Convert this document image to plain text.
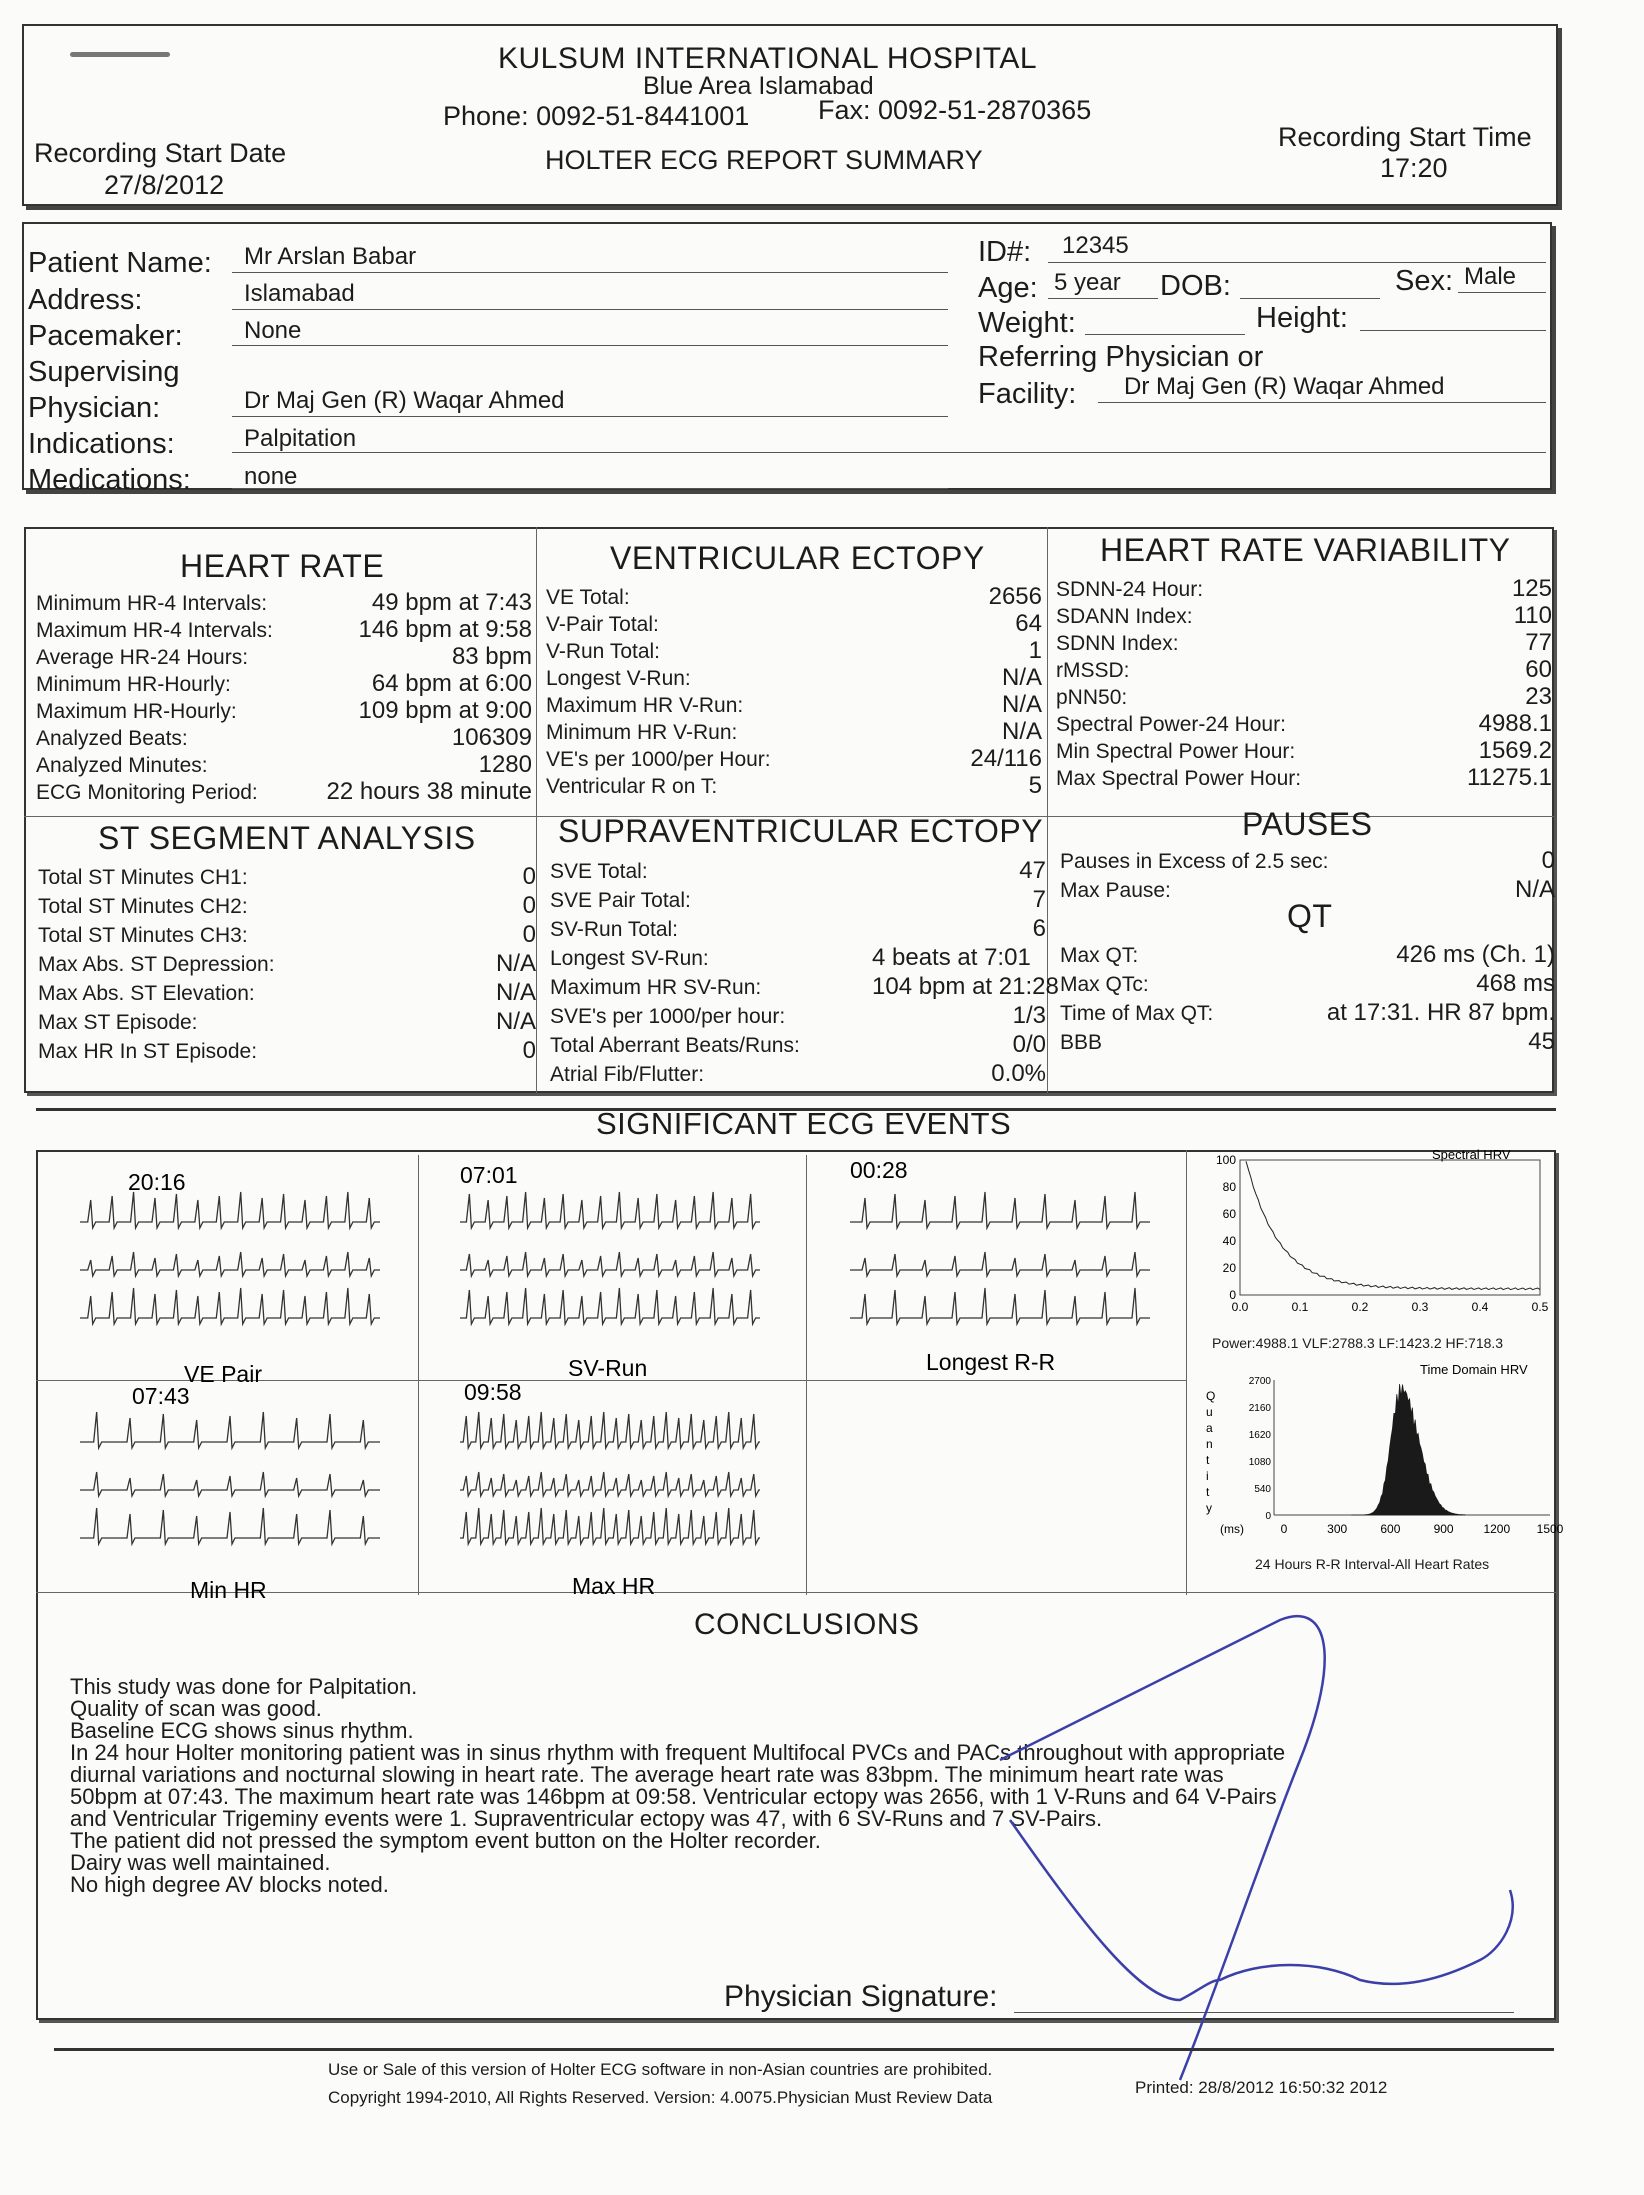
KULSUM INTERNATIONAL HOSPITAL
Blue Area Islamabad
Phone: 0092-51-8441001	Fax: 0092-51-2870365
HOLTER ECG REPORT SUMMARY
Recording Start Date
27/8/2012
Recording Start Time
17:20
Patient Name: Mr Arslan Babar
Address:	Islamabad
Pacemaker:	None
Supervising
Physician:	Dr Maj Gen (R) Waqar Ahmed
Indications:	Palpitation
Medications: none
ID#: 12345
Age: 5 year DOB:	Sex: Male
Weight:	Height:
Referring Physician or
Facility: Dr Maj Gen (R) Waqar Ahmed
HEART RATE	VENTRICULAR ECTOPY	HEART RATE VARIABILITY
ST SEGMENT ANALYSIS	SUPRAVENTRICULAR ECTOPY	PAUSES
QT
Minimum HR-4 Intervals:	49 bpm at 7:43
Maximum HR-4 Intervals:	146 bpm at 9:58
Average HR-24 Hours:	83 bpm
Minimum HR-Hourly:	64 bpm at 6:00
Maximum HR-Hourly:	109 bpm at 9:00
Analyzed Beats:	106309
Analyzed Minutes:	1280
ECG Monitoring Period:	22 hours 38 minute
VE Total:	2656
V-Pair Total:	64
V-Run Total:	1
Longest V-Run:	N/A
Maximum HR V-Run:	N/A
Minimum HR V-Run:	N/A
VE's per 1000/per Hour:	24/116
Ventricular R on T:	5
SDNN-24 Hour:	125
SDANN Index:	110
SDNN Index:	77
rMSSD:	60
pNN50:	23
Spectral Power-24 Hour:	4988.1
Min Spectral Power Hour:	1569.2
Max Spectral Power Hour:	11275.1
Total ST Minutes CH1:	0
Total ST Minutes CH2:	0
Total ST Minutes CH3:	0
Max Abs. ST Depression:	N/A
Max Abs. ST Elevation:	N/A
Max ST Episode:	N/A
Max HR In ST Episode:	0
SVE Total:	47
SVE Pair Total:	7
SV-Run Total:	6
Longest SV-Run:	4 beats at 7:01
Maximum HR SV-Run:	104 bpm at 21:28
SVE's per 1000/per hour:	1/3
Total Aberrant Beats/Runs:	0/0
Atrial Fib/Flutter:	0.0%
Pauses in Excess of 2.5 sec:	0
Max Pause:	N/A
Max QT:	426 ms (Ch. 1)
Max QTc:	468 ms
Time of Max QT:	at 17:31. HR 87 bpm.
BBB	45
SIGNIFICANT ECG EVENTS
20:16
VE Pair
07:01
SV-Run
00:28
Longest R-R
07:43
Min HR
09:58
Max HR
Spectral HRV
100
80
60
40
20
0
0.0	0.1	0.2	0.3	0.4	0.5
Power:4988.1 VLF:2788.3 LF:1423.2 HF:718.3
Time Domain HRV
Q
u
a
n
t
i
t
y
2700
2160
1620
1080
540
0
(ms)	0	300	600	900 1200 1500
24 Hours R-R Interval-All Heart Rates
CONCLUSIONS
This study was done for Palpitation.
Quality of scan was good.
Baseline ECG shows sinus rhythm.
In 24 hour Holter monitoring patient was in sinus rhythm with frequent Multifocal PVCs and PACs throughout with appropriate
diurnal variations and nocturnal slowing in heart rate. The average heart rate was 83bpm. The minimum heart rate was
50bpm at 07:43. The maximum heart rate was 146bpm at 09:58. Ventricular ectopy was 2656, with 1 V-Runs and 64 V-Pairs
and Ventricular Trigeminy events were 1. Supraventricular ectopy was 47, with 6 SV-Runs and 7 SV-Pairs.
The patient did not pressed the symptom event button on the Holter recorder.
Dairy was well maintained.
No high degree AV blocks noted.
Physician Signature:
Use or Sale of this version of Holter ECG software in non-Asian countries are prohibited.
Copyright 1994-2010, All Rights Reserved. Version: 4.0075.Physician Must Review Data
Printed: 28/8/2012 16:50:32 2012
